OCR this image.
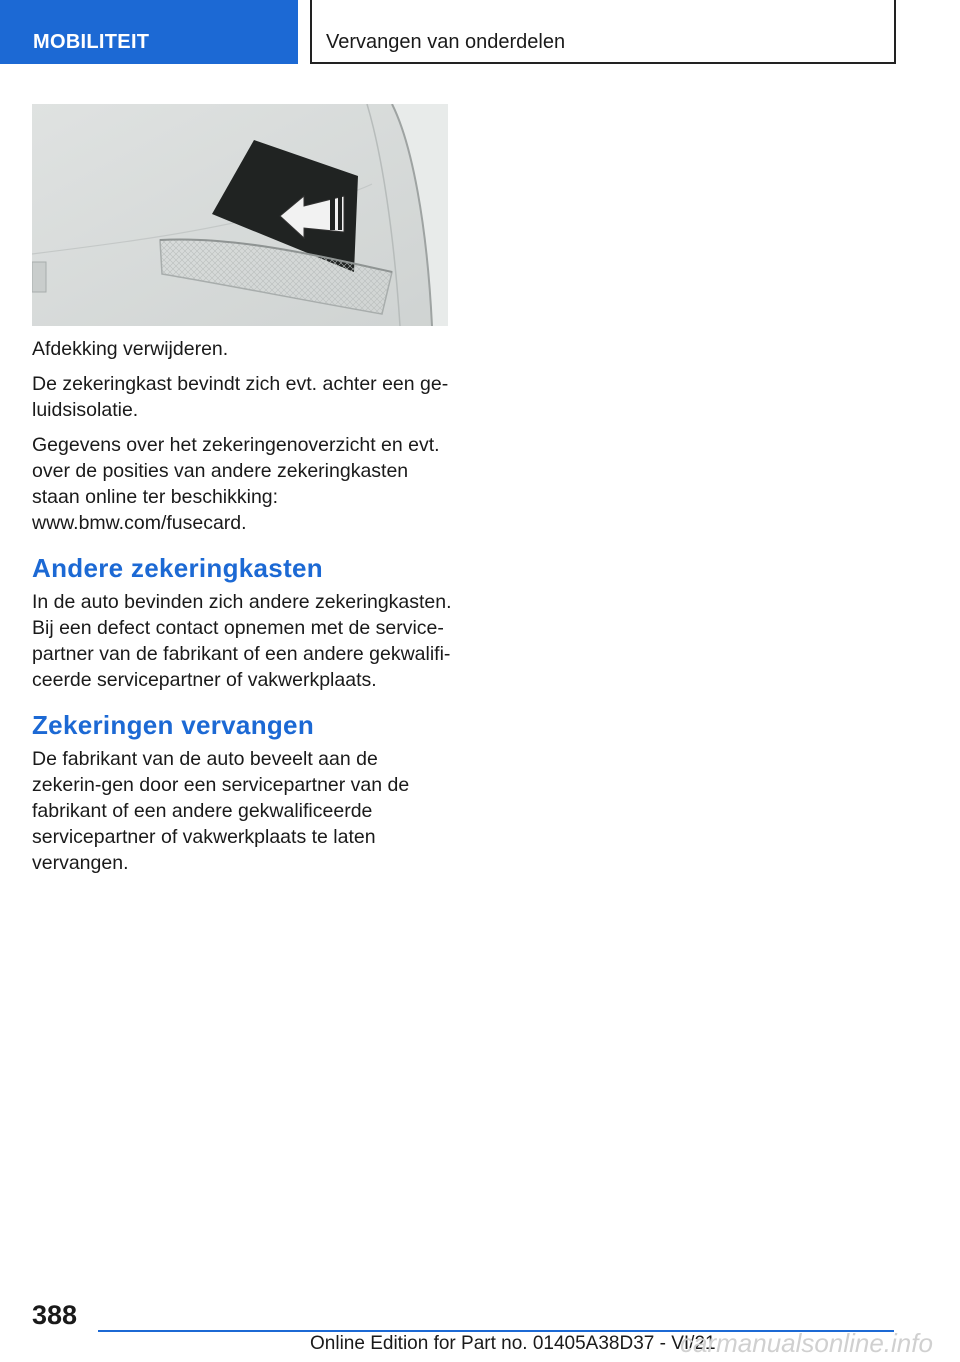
MOBILITEIT	Vervangen van onderdelen

Afdekking verwijderen.

De zekeringkast bevindt zich evt. achter een ge-luidsisolatie.

Gegevens over het zekeringenoverzicht en evt. over de posities van andere zekeringkasten staan online ter beschikking: www.bmw.com/fusecard.

Andere zekeringkasten

In de auto bevinden zich andere zekeringkasten. Bij een defect contact opnemen met de service-partner van de fabrikant of een andere gekwalifi-ceerde servicepartner of vakwerkplaats.

Zekeringen vervangen

De fabrikant van de auto beveelt aan de zekerin-gen door een servicepartner van de fabrikant of een andere gekwalificeerde servicepartner of vakwerkplaats te laten vervangen.

388
Online Edition for Part no. 01405A38D37 - VI/21
carmanualsonline.info
